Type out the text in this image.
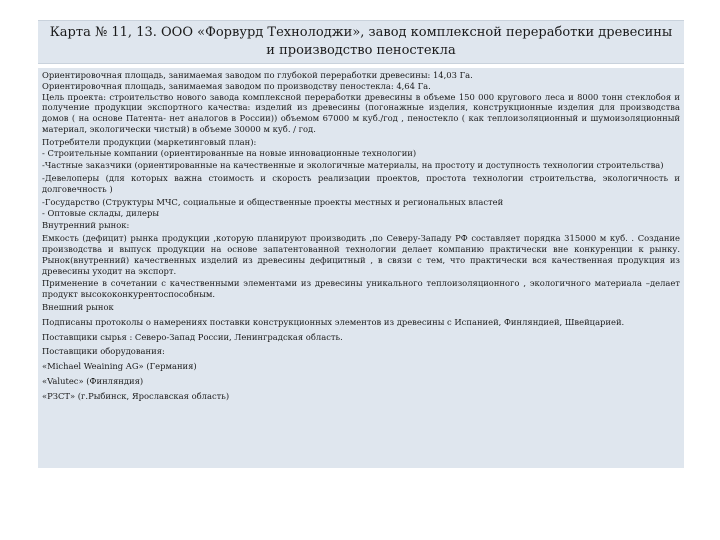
Карта № 11, 13. ООО «Форвурд Технолоджи», завод комплексной переработки древесины и производство пеностекла

Ориентировочная площадь, занимаемая заводом по глубокой переработки древесины: 14,03 Га.

Ориентировочная площадь, занимаемая заводом по производству пеностекла: 4,64 Га.

Цель проекта: строительство нового завода комплексной переработки древесины в объеме 150 000 кругового леса и 8000 тонн стеклобоя и получение продукции экспортного качества: изделий из древесины (погонажные изделия, конструкционные изделия для производства домов ( на основе Патента- нет аналогов в России)) объемом 67000 м куб./год , пеностекло ( как теплоизоляционный и шумоизоляционный материал, экологически чистый) в объеме 30000 м куб. / год.

Потребители продукции (маркетинговый план):

- Строительные компании (ориентированные на новые инновационные технологии)

-Частные заказчики (ориентированные на качественные и экологичные материалы, на простоту и доступность технологии строительства)

-Девелоперы (для которых важна стоимость и скорость реализации проектов, простота технологии строительства, экологичность и долговечность )

-Государство (Структуры МЧС, социальные и общественные проекты местных и региональных властей

- Оптовые склады, дилеры

Внутренний рынок:

Емкость (дефицит) рынка продукции ,которую планируют производить ,по Северу-Западу РФ составляет порядка 315000 м куб. . Создание производства и выпуск продукции на основе запатентованной технологии делает компанию практически вне конкуренции к рынку. Рынок(внутренний) качественных изделий из древесины дефицитный , в связи с тем, что практически вся качественная продукция из древесины уходит на экспорт.

Применение в сочетании с качественными элементами из древесины уникального теплоизоляционного , экологичного материала –делает продукт высококонкурентоспособным.

Внешний рынок

Подписаны протоколы о намерениях поставки конструкционных элементов из древесины с Испанией, Финляндией, Швейцарией.

Поставщики сырья : Северо-Запад России, Ленинградская область.

Поставщики оборудования:

«Michael Weaining AG» (Германия)

«Valutec» (Финляндия)

«РЗСТ» (г.Рыбинск, Ярославская область)
